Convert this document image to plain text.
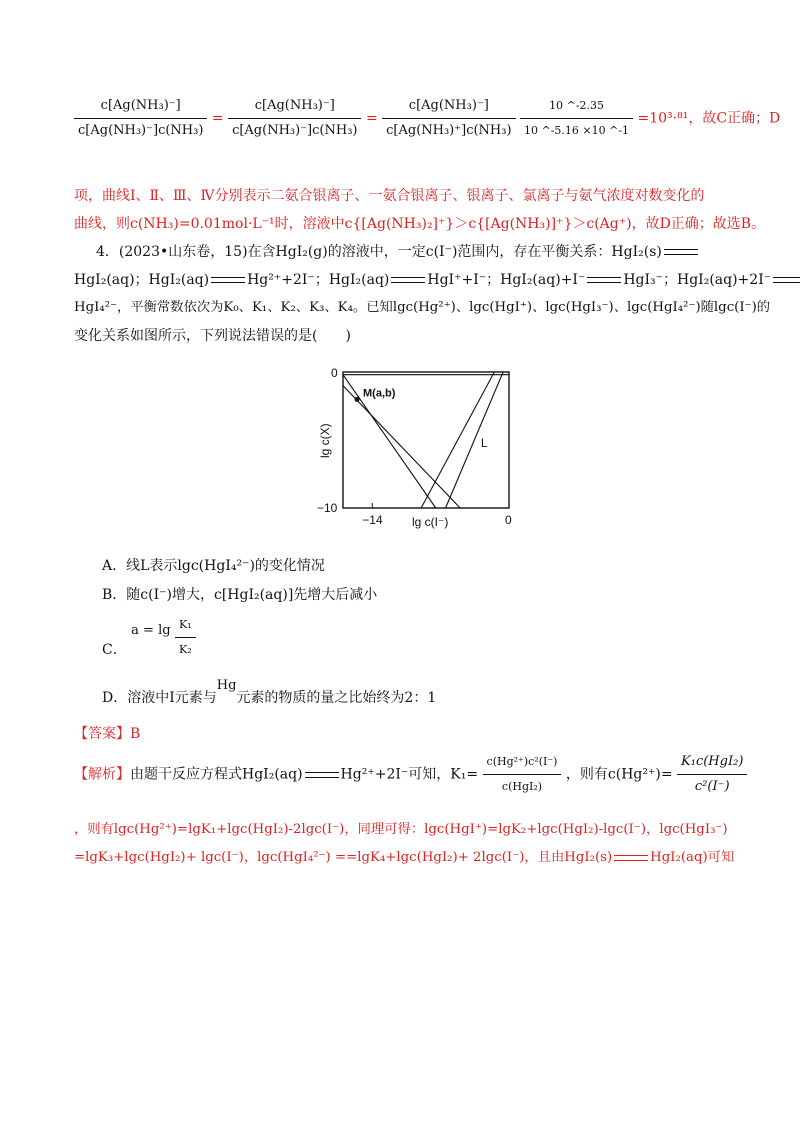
$\frac{\text{c[Ag(NH₃)⁻]}}{\text{c[Ag(NH₃)⁻]c(NH₃)}} = \frac{\text{c[Ag(NH₃)⁻]}}{\text{c[Ag(NH₃)⁻]c(NH₃)}} = \frac{\text{c[Ag(NH₃)⁻]}}{\text{c[Ag(NH₃)⁺]c(NH₃)}}$
$\frac{10 \^{}-2.35}{10 \^{}-5.16 \times 10 \^{}-1} =10^3\cdot^{81}$，故C正确；D
项，曲线Ⅰ、Ⅱ、Ⅲ、Ⅳ分别表示二氨合银离子、一氨合银离子、银离子、氯离子与氨气浓度对数变化的
曲线，则c(NH₃)=0.01mol·L⁻¹时，溶液中c{[Ag(NH₃)₂]⁺}＞c{[Ag(NH₃)]⁺}＞c(Ag⁺)，故D正确；故选B。
4．(2023•山东卷，15)在含HgI₂(g)的溶液中，一定c(I⁻)范围内，存在平衡关系：HgI₂(s)
HgI₂(aq)；HgI₂(aq)	Hg²⁺+2I⁻；HgI₂(aq)	HgI⁺+I⁻；HgI₂(aq)+I⁻	HgI₃⁻；HgI₂(aq)+2I⁻
HgI₄²⁻，平衡常数依次为K₀、K₁、K₂、K₃、K₄。已知lgc(Hg²⁺)、lgc(HgI⁺)、lgc(HgI₃⁻)、lgc(HgI₄²⁻)随lgc(I⁻)的
变化关系如图所示，下列说法错误的是(　　)
0
−10
−14	0
lg c(I⁻)
lg c(X)
M(a,b)
L
A．线L表示lgc(HgI₄²⁻)的变化情况
B．随c(I⁻)增大，c[HgI₂(aq)]先增大后减小
C． $a = \lg \frac{\text{K₁}}{\text{K₂}}$
D．溶液中I元素与Hg元素的物质的量之比始终为2：1
【答案】B
【解析】由题干反应方程式HgI₂(aq)	Hg²⁺+2I⁻可知，$K_1= \frac{\text{c(Hg²⁺)c²(I⁻)}}{\text{c(HgI₂)}}$ ，则有$c(Hg^{2+})= \frac{\text{K₁c(HgI₂)}}{\text{c²(I⁻)}}$
，则有lgc(Hg²⁺)=lgK₁+lgc(HgI₂)-2lgc(I⁻)，同理可得：lgc(HgI⁺)=lgK₂+lgc(HgI₂)-lgc(I⁻)，lgc(HgI₃⁻)
=lgK₃+lgc(HgI₂)+ lgc(I⁻)，lgc(HgI₄²⁻) ==lgK₄+lgc(HgI₂)+ 2lgc(I⁻)，且由HgI₂(s)	HgI₂(aq)可知
